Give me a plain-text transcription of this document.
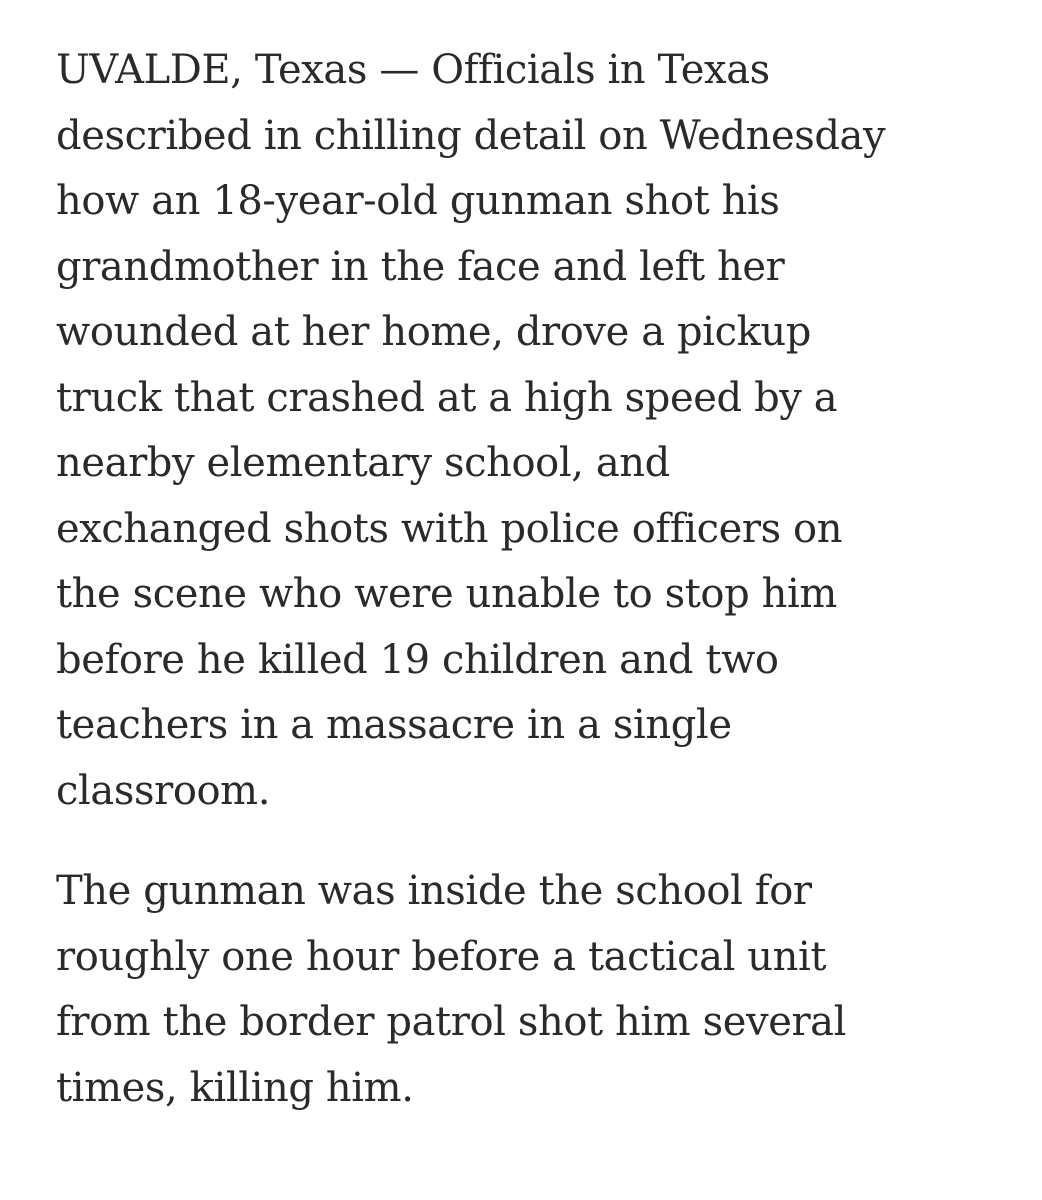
UVALDE, Texas — Officials in Texas
described in chilling detail on Wednesday
how an 18-year-old gunman shot his
grandmother in the face and left her
wounded at her home, drove a pickup
truck that crashed at a high speed by a
nearby elementary school, and
exchanged shots with police officers on
the scene who were unable to stop him
before he killed 19 children and two
teachers in a massacre in a single
classroom.

The gunman was inside the school for
roughly one hour before a tactical unit
from the border patrol shot him several
times, killing him.
